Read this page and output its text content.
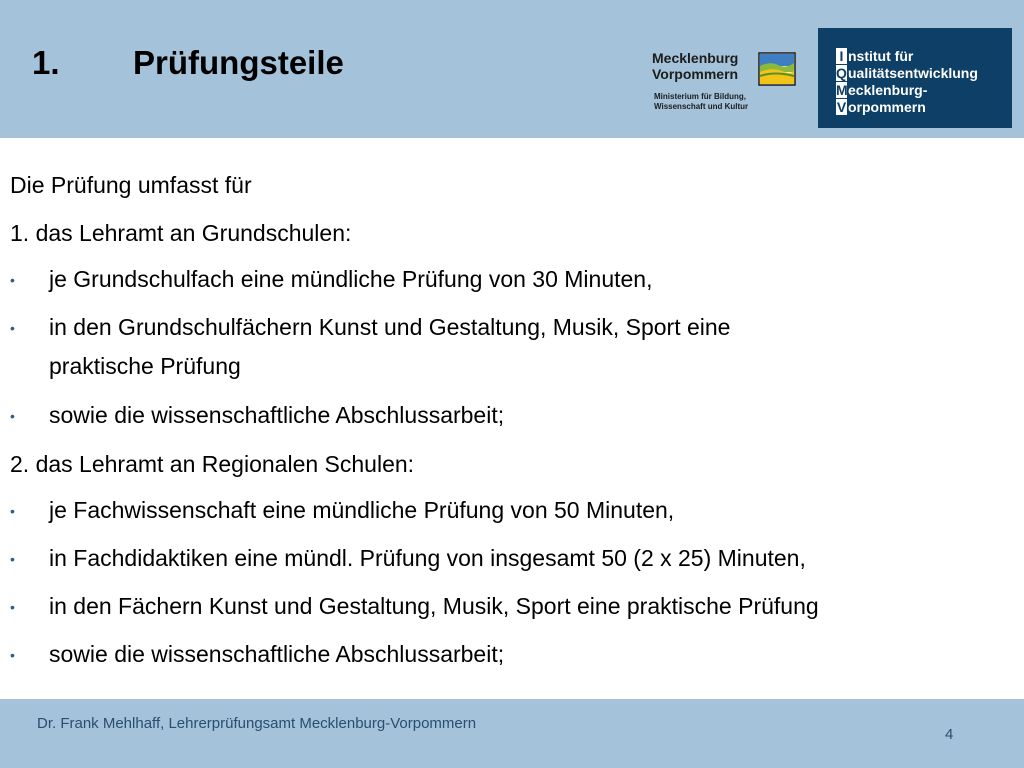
1. Prüfungsteile	Mecklenburg
Vorpommern
Ministerium für Bildung,
Wissenschaft und Kultur
I nstitut für
Qualitätsentwicklung
Mecklenburg-
V orpommern
Die Prüfung umfasst für
1. das Lehramt an Grundschulen:
• je Grundschulfach eine mündliche Prüfung von 30 Minuten,
• in den Grundschulfächern Kunst und Gestaltung, Musik, Sport eine
praktische Prüfung
• sowie die wissenschaftliche Abschlussarbeit;
2. das Lehramt an Regionalen Schulen:
• je Fachwissenschaft eine mündliche Prüfung von 50 Minuten,
• in Fachdidaktiken eine mündl. Prüfung von insgesamt 50 (2 x 25) Minuten,
• in den Fächern Kunst und Gestaltung, Musik, Sport eine praktische Prüfung
• sowie die wissenschaftliche Abschlussarbeit;
Dr. Frank Mehlhaff, Lehrerprüfungsamt Mecklenburg-Vorpommern
4
